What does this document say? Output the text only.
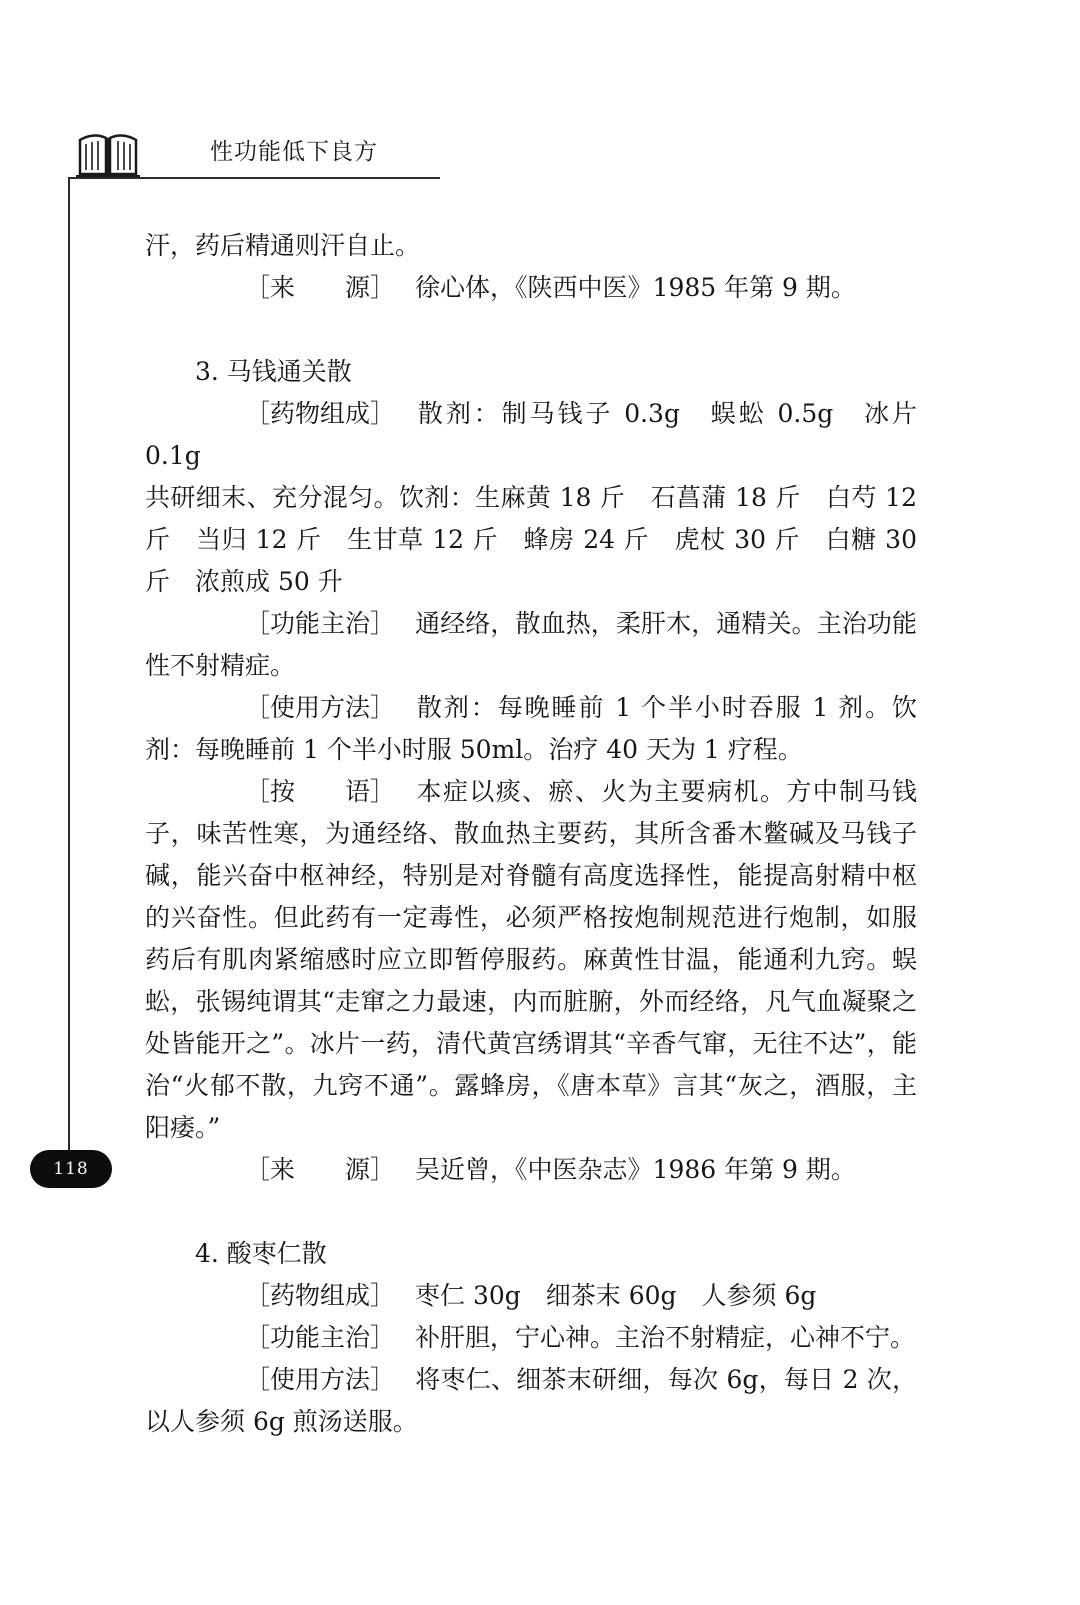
性功能低下良方
118

汗，药后精通则汗自止。

［来 源］ 徐心体，《陕西中医》1985 年第 9 期。

3. 马钱通关散

［药物组成］ 散剂：制马钱子 0.3g　蜈蚣 0.5g　冰片 0.1g

共研细末、充分混匀。饮剂：生麻黄 18 斤　石菖蒲 18 斤　白芍 12 斤　当归 12 斤　生甘草 12 斤　蜂房 24 斤　虎杖 30 斤　白糖 30 斤　浓煎成 50 升

［功能主治］ 通经络，散血热，柔肝木，通精关。主治功能性不射精症。

［使用方法］ 散剂：每晚睡前 1 个半小时吞服 1 剂。饮剂：每晚睡前 1 个半小时服 50ml。治疗 40 天为 1 疗程。

［按 语］ 本症以痰、瘀、火为主要病机。方中制马钱子，味苦性寒，为通经络、散血热主要药，其所含番木鳖碱及马钱子碱，能兴奋中枢神经，特别是对脊髓有高度选择性，能提高射精中枢的兴奋性。但此药有一定毒性，必须严格按炮制规范进行炮制，如服药后有肌肉紧缩感时应立即暂停服药。麻黄性甘温，能通利九窍。蜈蚣，张锡纯谓其“走窜之力最速，内而脏腑，外而经络，凡气血凝聚之处皆能开之”。冰片一药，清代黄宫绣谓其“辛香气窜，无往不达”，能治“火郁不散，九窍不通”。露蜂房，《唐本草》言其“灰之，酒服，主阳痿。”

［来 源］ 吴近曾，《中医杂志》1986 年第 9 期。

4. 酸枣仁散

［药物组成］ 枣仁 30g　细茶末 60g　人参须 6g

［功能主治］ 补肝胆，宁心神。主治不射精症，心神不宁。

［使用方法］ 将枣仁、细茶末研细，每次 6g，每日 2 次，以人参须 6g 煎汤送服。
